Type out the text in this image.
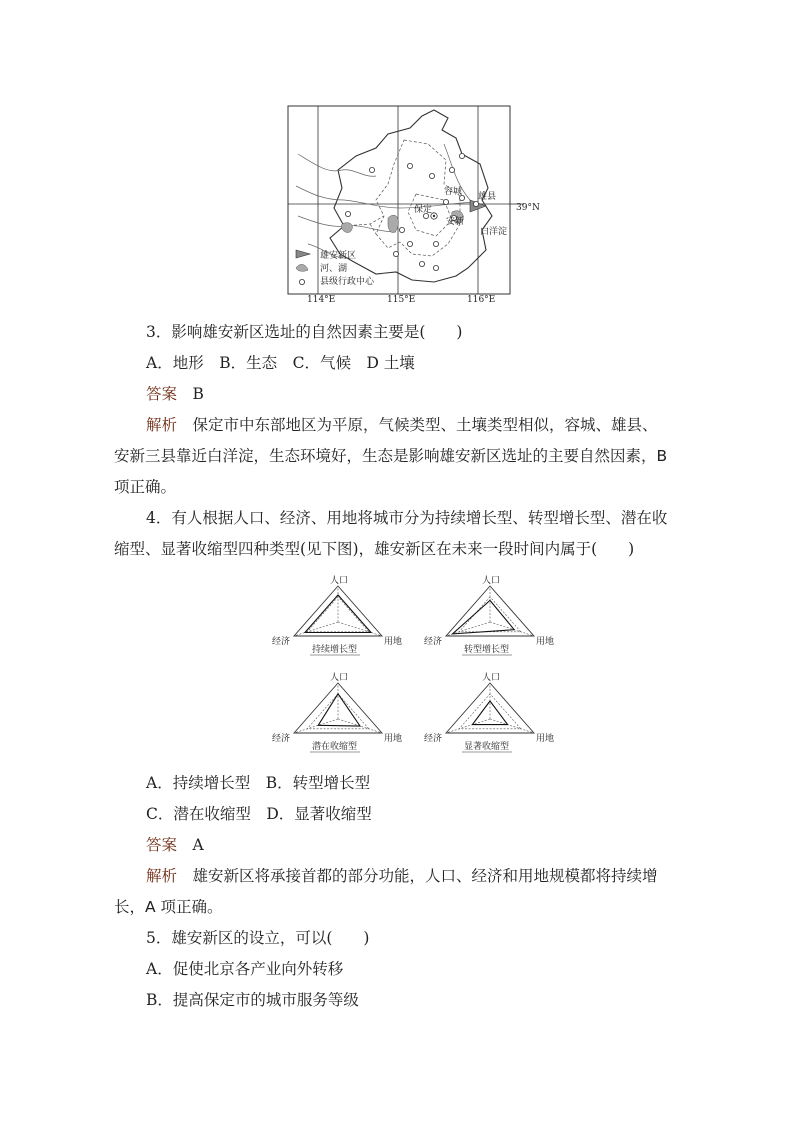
容城 雄县
保定
安新
白洋淀
39°N
雄安新区
河、湖
县级行政中心
114°E	115°E	116°E
3．影响雄安新区选址的自然因素主要是(　　)
A．地形　B．生态　C．气候　D 土壤
答案　 B
解析　 保定市中东部地区为平原，气候类型、土壤类型相似，容城、雄县、
安新三县靠近白洋淀，生态环境好，生态是影响雄安新区选址的主要自然因素，B
项正确。
4．有人根据人口、经济、用地将城市分为持续增长型、转型增长型、潜在收
缩型、显著收缩型四种类型(见下图)，雄安新区在未来一段时间内属于(　　)
人口
经济	用地
持续增长型
人口
经济	用地
转型增长型
人口
经济	用地
潜在收缩型
人口
经济	用地
显著收缩型
A．持续增长型　B．转型增长型
C．潜在收缩型　D．显著收缩型
答案　 A
解析　 雄安新区将承接首都的部分功能，人口、经济和用地规模都将持续增
长，A 项正确。
5．雄安新区的设立，可以(　　)
A．促使北京各产业向外转移
B．提高保定市的城市服务等级
